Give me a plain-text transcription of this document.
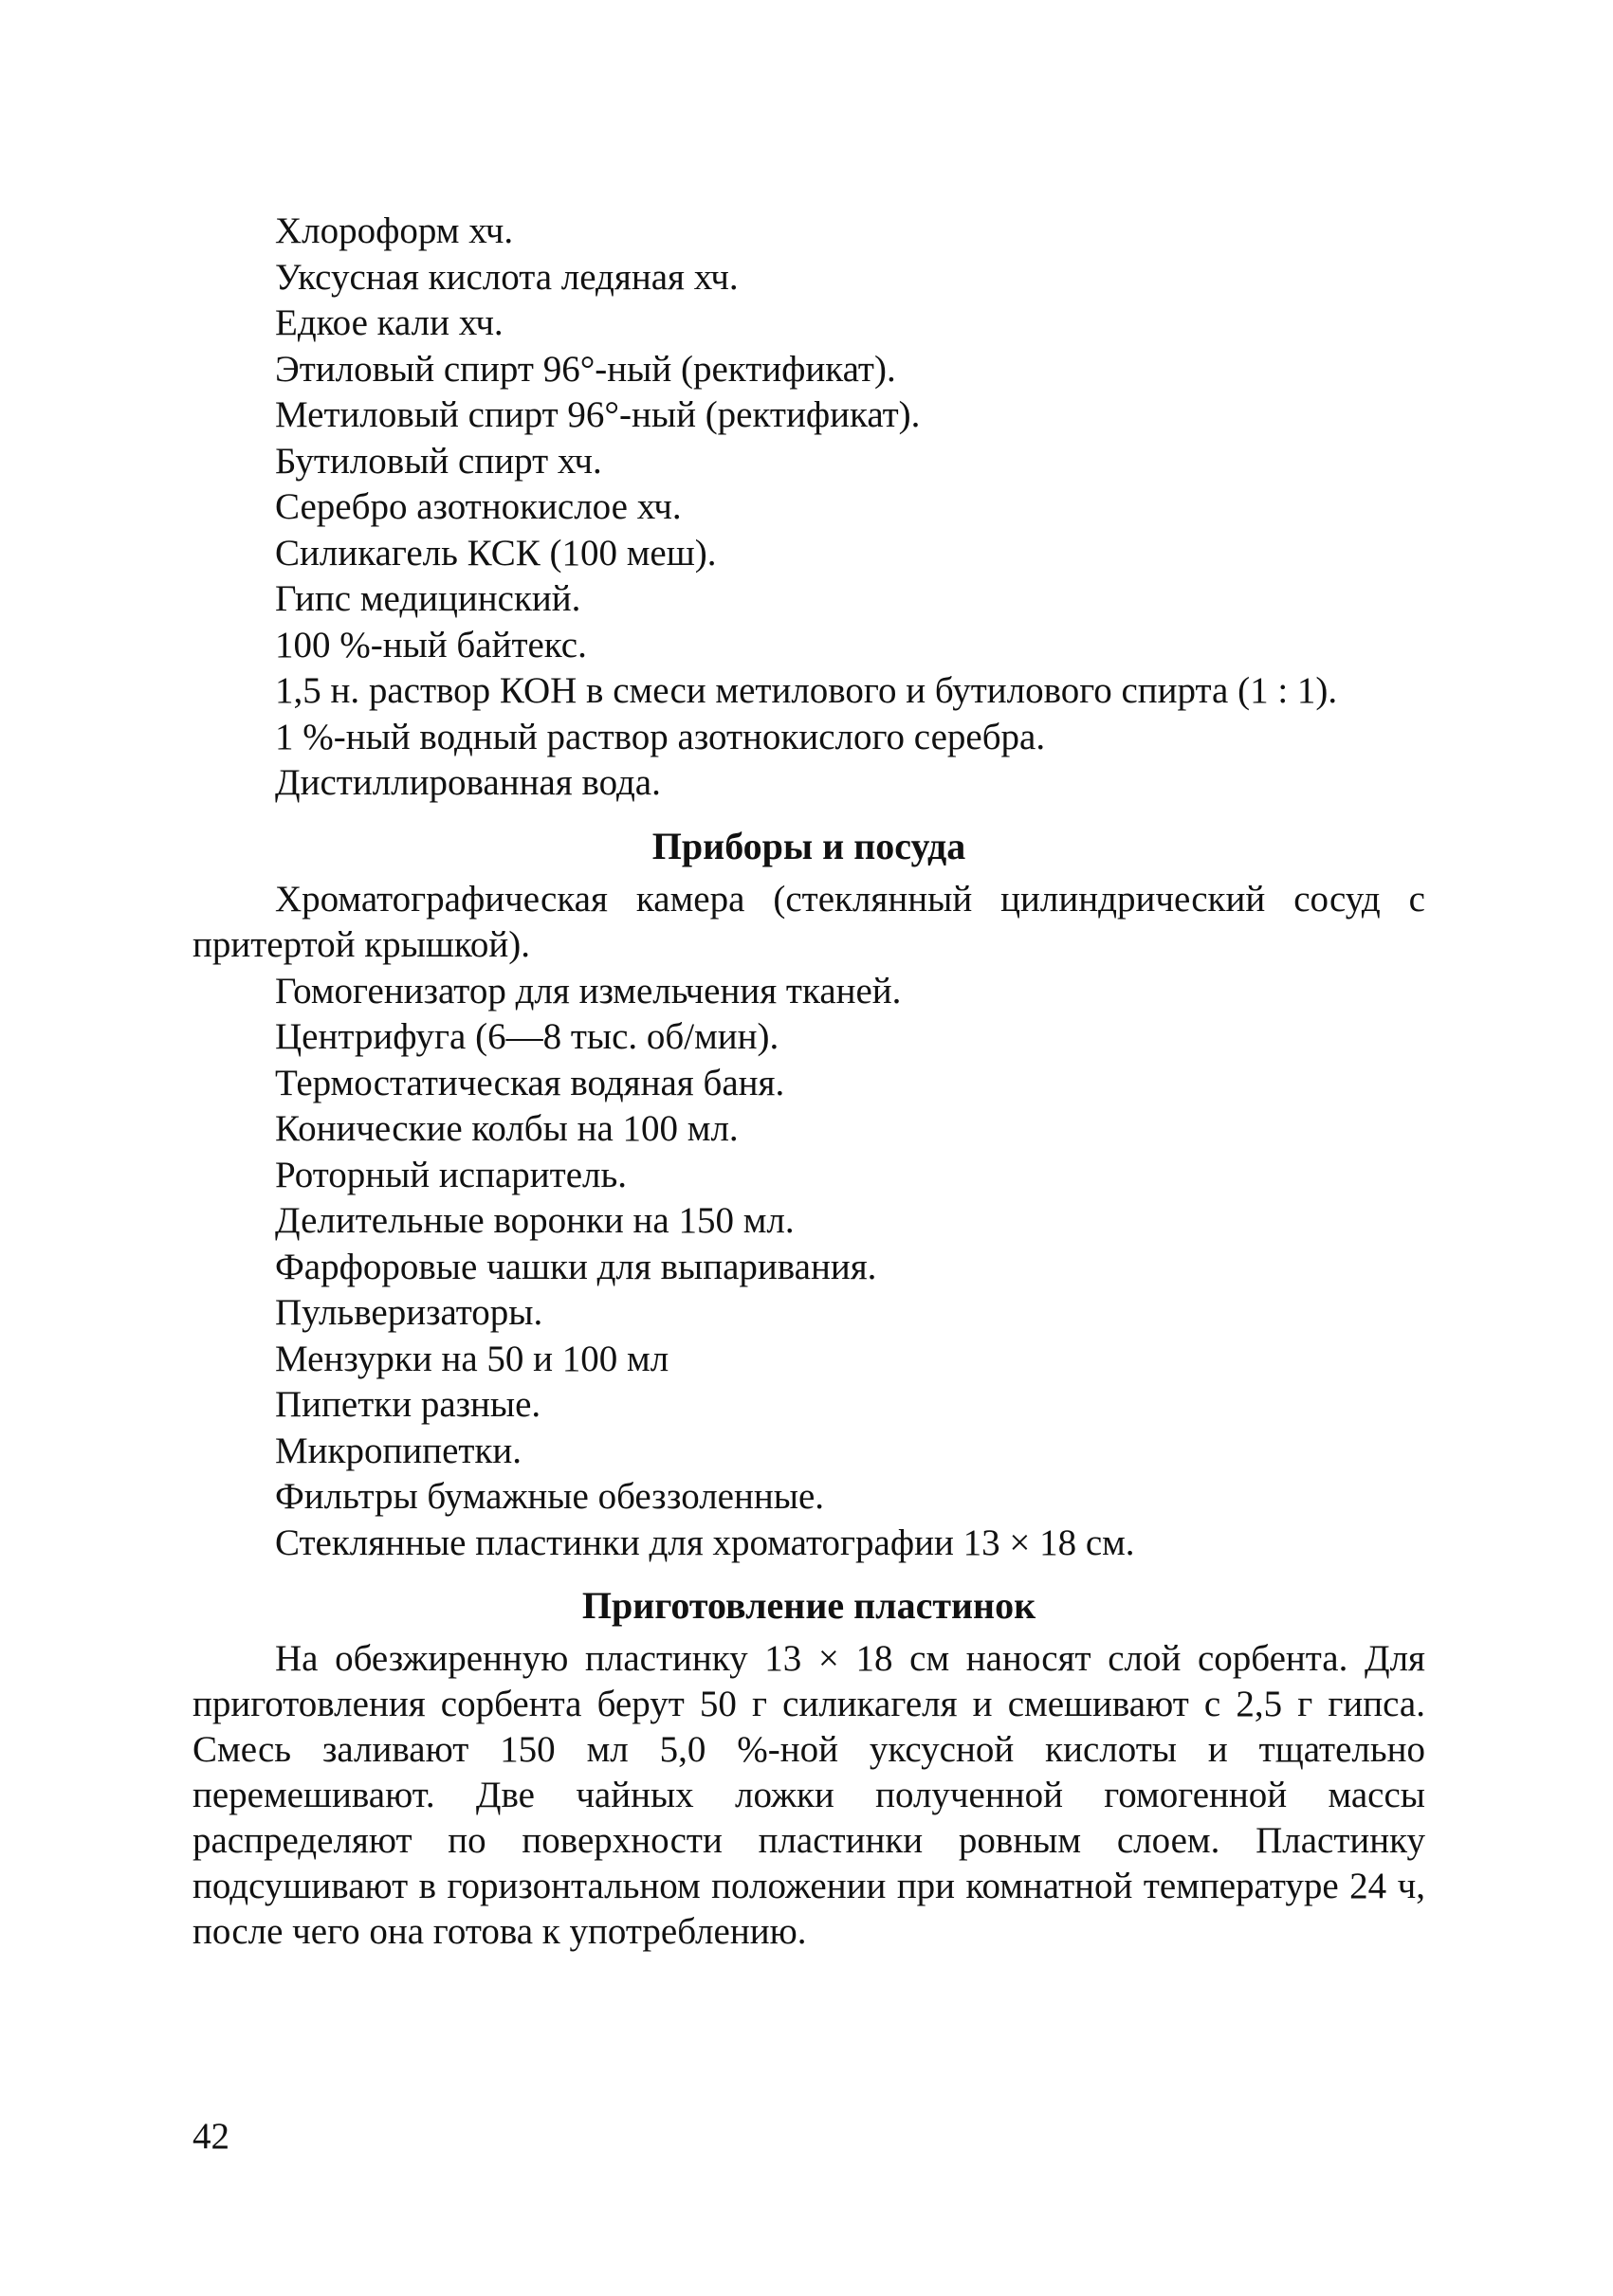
Хлороформ хч.
Уксусная кислота ледяная хч.
Едкое кали хч.
Этиловый спирт 96°-ный (ректификат).
Метиловый спирт 96°-ный (ректификат).
Бутиловый спирт хч.
Серебро азотнокислое хч.
Силикагель КСК (100 меш).
Гипс медицинский.
100 %-ный байтекс.
1,5 н. раствор КОН в смеси метилового и бутилового спирта (1 : 1).
1 %-ный водный раствор азотнокислого серебра.
Дистиллированная вода.
Приборы и посуда
Хроматографическая камера (стеклянный цилиндрический сосуд с притертой крышкой).
Гомогенизатор для измельчения тканей.
Центрифуга (6—8 тыс. об/мин).
Термостатическая водяная баня.
Конические колбы на 100 мл.
Роторный испаритель.
Делительные воронки на 150 мл.
Фарфоровые чашки для выпаривания.
Пульверизаторы.
Мензурки на 50 и 100 мл
Пипетки разные.
Микропипетки.
Фильтры бумажные обеззоленные.
Стеклянные пластинки для хроматографии 13 × 18 см.
Приготовление пластинок

На обезжиренную пластинку 13 × 18 см наносят слой сорбента. Для приготовления сорбента берут 50 г силикагеля и смешивают с 2,5 г гипса. Смесь заливают 150 мл 5,0 %-ной уксусной кислоты и тщательно перемешивают. Две чайных ложки полученной гомогенной массы распределяют по поверхности пластинки ровным слоем. Пластинку подсушивают в горизонтальном положении при комнатной температуре 24 ч, после чего она готова к употреблению.

42
